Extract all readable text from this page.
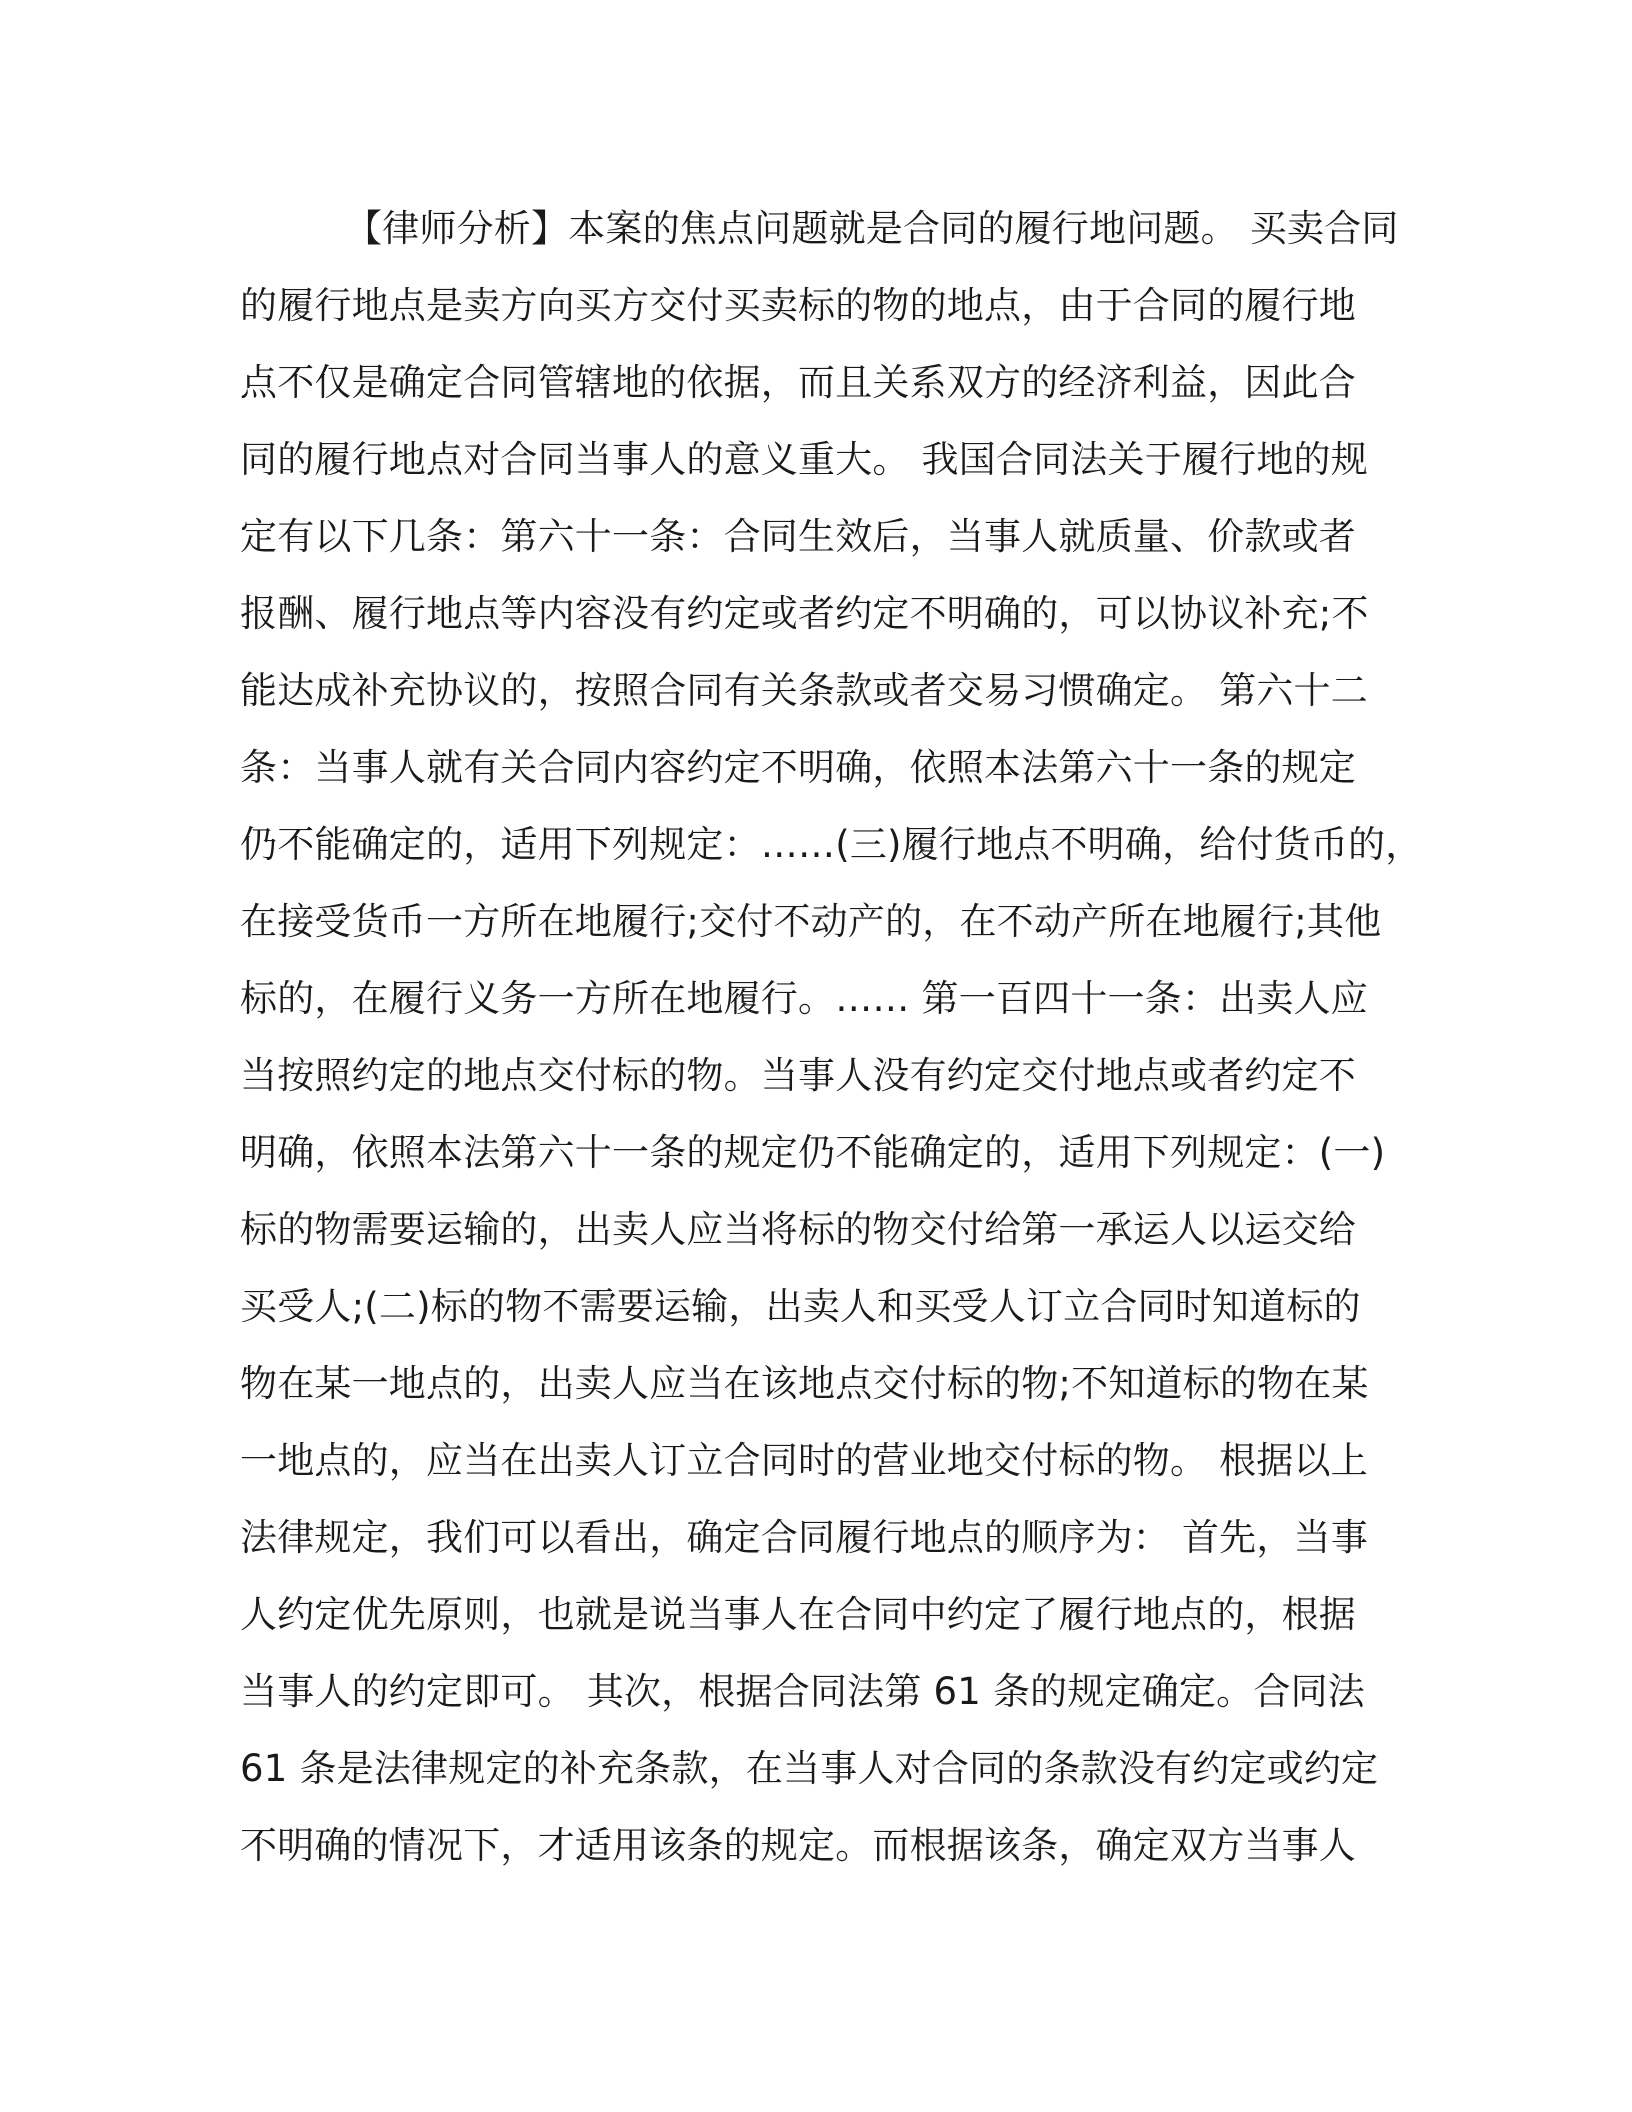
【律师分析】本案的焦点问题就是合同的履行地问题。 买卖合同
的履行地点是卖方向买方交付买卖标的物的地点，由于合同的履行地
点不仅是确定合同管辖地的依据，而且关系双方的经济利益，因此合
同的履行地点对合同当事人的意义重大。 我国合同法关于履行地的规
定有以下几条：第六十一条：合同生效后，当事人就质量、价款或者
报酬、履行地点等内容没有约定或者约定不明确的，可以协议补充;不
能达成补充协议的，按照合同有关条款或者交易习惯确定。 第六十二
条：当事人就有关合同内容约定不明确，依照本法第六十一条的规定
仍不能确定的，适用下列规定：……(三)履行地点不明确，给付货币的，
在接受货币一方所在地履行;交付不动产的，在不动产所在地履行;其他
标的，在履行义务一方所在地履行。…… 第一百四十一条：出卖人应
当按照约定的地点交付标的物。当事人没有约定交付地点或者约定不
明确，依照本法第六十一条的规定仍不能确定的，适用下列规定：(一)
标的物需要运输的，出卖人应当将标的物交付给第一承运人以运交给
买受人;(二)标的物不需要运输，出卖人和买受人订立合同时知道标的
物在某一地点的，出卖人应当在该地点交付标的物;不知道标的物在某
一地点的，应当在出卖人订立合同时的营业地交付标的物。 根据以上
法律规定，我们可以看出，确定合同履行地点的顺序为： 首先，当事
人约定优先原则，也就是说当事人在合同中约定了履行地点的，根据
当事人的约定即可。 其次，根据合同法第 61 条的规定确定。合同法
61 条是法律规定的补充条款，在当事人对合同的条款没有约定或约定
不明确的情况下，才适用该条的规定。而根据该条，确定双方当事人
